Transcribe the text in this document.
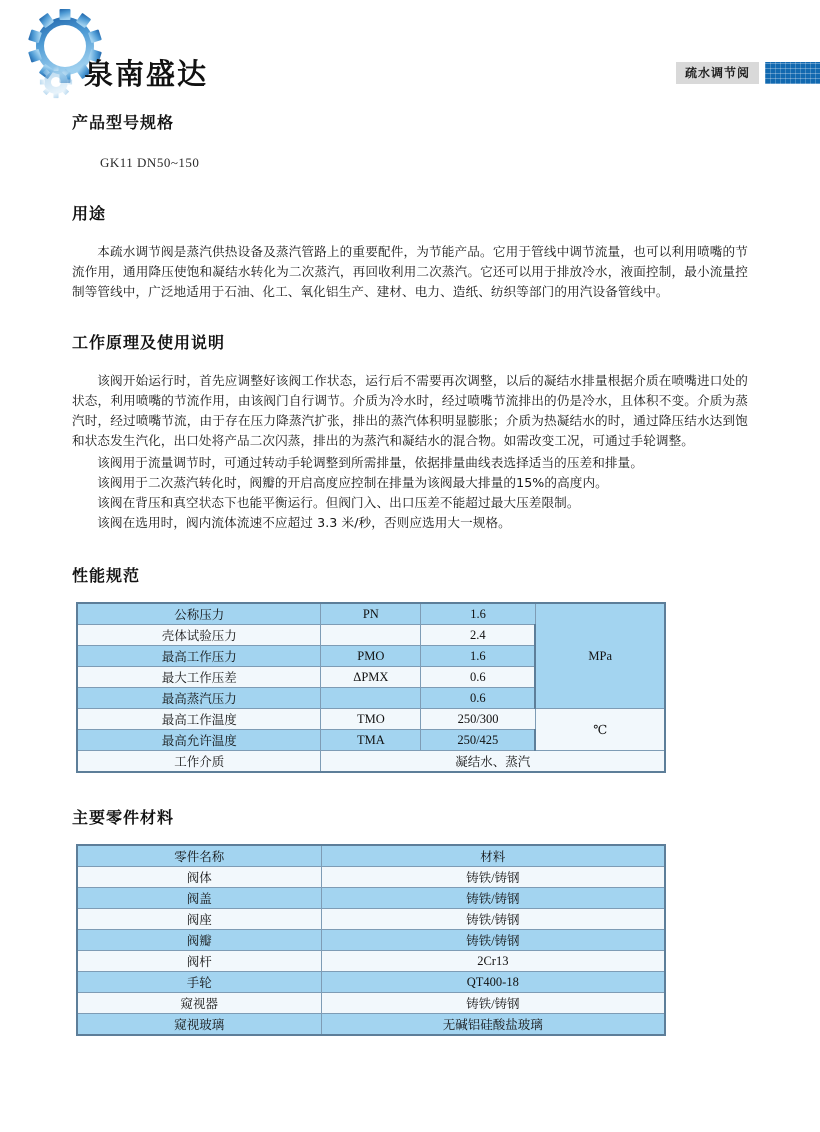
泉南盛达	疏水调节阅
产品型号规格
GK11 DN50~150
用途

本疏水调节阀是蒸汽供热设备及蒸汽管路上的重要配件，为节能产品。它用于管线中调节流量，也可以利用喷嘴的节流作用，通用降压使饱和凝结水转化为二次蒸汽，再回收利用二次蒸汽。它还可以用于排放冷水，液面控制，最小流量控制等管线中，广泛地适用于石油、化工、氧化铝生产、建材、电力、造纸、纺织等部门的用汽设备管线中。

工作原理及使用说明

该阀开始运行时，首先应调整好该阀工作状态，运行后不需要再次调整，以后的凝结水排量根据介质在喷嘴进口处的状态，利用喷嘴的节流作用，由该阀门自行调节。介质为冷水时，经过喷嘴节流排出的仍是冷水，且体积不变。介质为蒸汽时，经过喷嘴节流，由于存在压力降蒸汽扩张，排出的蒸汽体积明显膨胀；介质为热凝结水的时，通过降压结水达到饱和状态发生汽化，出口处将产品二次闪蒸，排出的为蒸汽和凝结水的混合物。如需改变工况，可通过手轮调整。

该阀用于流量调节时，可通过转动手轮调整到所需排量，依据排量曲线表选择适当的压差和排量。

该阀用于二次蒸汽转化时，阀瓣的开启高度应控制在排量为该阀最大排量的15%的高度内。

该阀在背压和真空状态下也能平衡运行。但阀门入、出口压差不能超过最大压差限制。

该阀在选用时，阀内流体流速不应超过 3.3 米/秒，否则应选用大一规格。

性能规范
公称压力	PN	1.6	MPa
壳体试验压力		2.4	
最高工作压力	PMO	1.6	
最大工作压差	ΔPMX	0.6	
最高蒸汽压力		0.6	
最高工作温度	TMO	250/300	℃
最高允许温度	TMA	250/425	
工作介质	凝结水、蒸汽		
主要零件材料
零件名称	材料
阀体	铸铁/铸钢
阀盖	铸铁/铸钢
阀座	铸铁/铸钢
阀瓣	铸铁/铸钢
阀杆	2Cr13
手轮	QT400-18
窥视器	铸铁/铸钢
窥视玻璃	无碱铝硅酸盐玻璃
